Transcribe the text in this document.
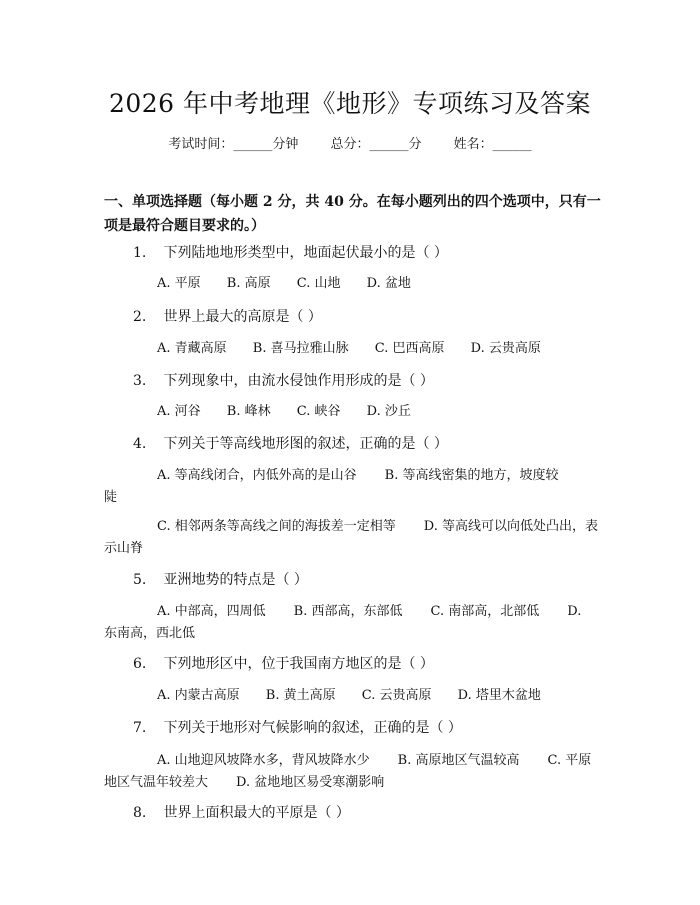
2026 年中考地理《地形》专项练习及答案
考试时间：______分钟 总分：______分 姓名：______
一、单项选择题（每小题 2 分，共 40 分。在每小题列出的四个选项中，只有一项是最符合题目要求的。）
1. 下列陆地地形类型中，地面起伏最小的是（ ）
A. 平原 B. 高原 C. 山地 D. 盆地
2. 世界上最大的高原是（ ）
A. 青藏高原 B. 喜马拉雅山脉 C. 巴西高原 D. 云贵高原
3. 下列现象中，由流水侵蚀作用形成的是（ ）
A. 河谷 B. 峰林 C. 峡谷 D. 沙丘
4. 下列关于等高线地形图的叙述，正确的是（ ）
A. 等高线闭合，内低外高的是山谷 B. 等高线密集的地方，坡度较陡
C. 相邻两条等高线之间的海拔差一定相等 D. 等高线可以向低处凸出，表示山脊
5. 亚洲地势的特点是（ ）
A. 中部高，四周低 B. 西部高，东部低 C. 南部高，北部低 D. 东南高，西北低
6. 下列地形区中，位于我国南方地区的是（ ）
A. 内蒙古高原 B. 黄土高原 C. 云贵高原 D. 塔里木盆地
7. 下列关于地形对气候影响的叙述，正确的是（ ）
A. 山地迎风坡降水多，背风坡降水少 B. 高原地区气温较高 C. 平原地区气温年较差大 D. 盆地地区易受寒潮影响
8. 世界上面积最大的平原是（ ）
